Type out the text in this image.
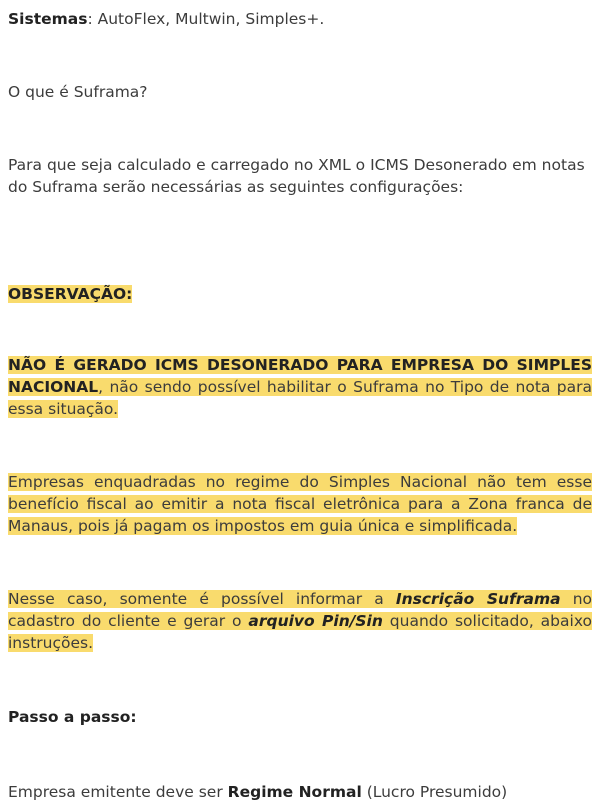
Sistemas: AutoFlex, Multwin, Simples+.

O que é Suframa?

Para que seja calculado e carregado no XML o ICMS Desonerado em notas do Suframa serão necessárias as seguintes configurações:

OBSERVAÇÃO:

NÃO É GERADO ICMS DESONERADO PARA EMPRESA DO SIMPLES NACIONAL, não sendo possível habilitar o Suframa no Tipo de nota para essa situação.

Empresas enquadradas no regime do Simples Nacional não tem esse benefício fiscal ao emitir a nota fiscal eletrônica para a Zona franca de Manaus, pois já pagam os impostos em guia única e simplificada.

Nesse caso, somente é possível informar a Inscrição Suframa no cadastro do cliente e gerar o arquivo Pin/Sin quando solicitado, abaixo instruções.

Passo a passo:

Empresa emitente deve ser Regime Normal (Lucro Presumido)
